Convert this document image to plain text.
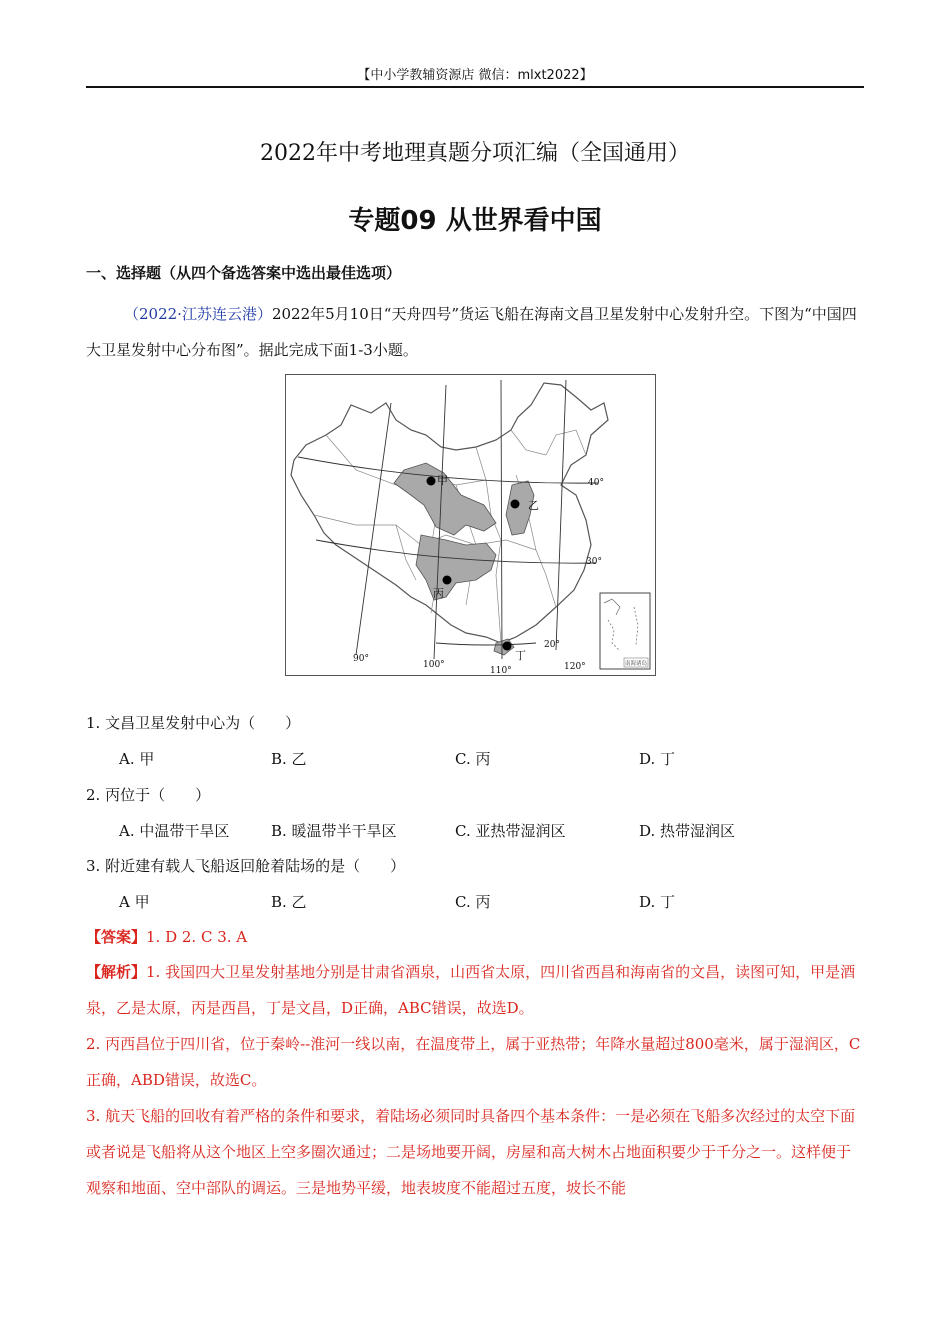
【中小学教辅资源店 微信：mlxt2022】
2022年中考地理真题分项汇编（全国通用）
专题09 从世界看中国
一、选择题（从四个备选答案中选出最佳选项）
（2022·江苏连云港）2022年5月10日“天舟四号”货运飞船在海南文昌卫星发射中心发射升空。下图为“中国四大卫星发射中心分布图”。据此完成下面1-3小题。
甲
乙
丙
丁
40°
30°
20°
90°
100°
110°	120°	南海诸岛
1. 文昌卫星发射中心为（　　）
A. 甲	B. 乙	C. 丙	D. 丁
2. 丙位于（　　）
A. 中温带干旱区	B. 暖温带半干旱区	C. 亚热带湿润区	D. 热带湿润区
3. 附近建有载人飞船返回舱着陆场的是（　　）
A 甲	B. 乙	C. 丙	D. 丁
【答案】1. D 2. C 3. A
【解析】1. 我国四大卫星发射基地分别是甘肃省酒泉，山西省太原，四川省西昌和海南省的文昌，读图可知，甲是酒泉，乙是太原，丙是西昌，丁是文昌，D正确，ABC错误，故选D。
2. 丙西昌位于四川省，位于秦岭--淮河一线以南，在温度带上，属于亚热带；年降水量超过800毫米，属于湿润区，C正确，ABD错误，故选C。
3. 航天飞船的回收有着严格的条件和要求，着陆场必须同时具备四个基本条件：一是必须在飞船多次经过的太空下面或者说是飞船将从这个地区上空多圈次通过；二是场地要开阔，房屋和高大树木占地面积要少于千分之一。这样便于观察和地面、空中部队的调运。三是地势平缓，地表坡度不能超过五度，坡长不能
